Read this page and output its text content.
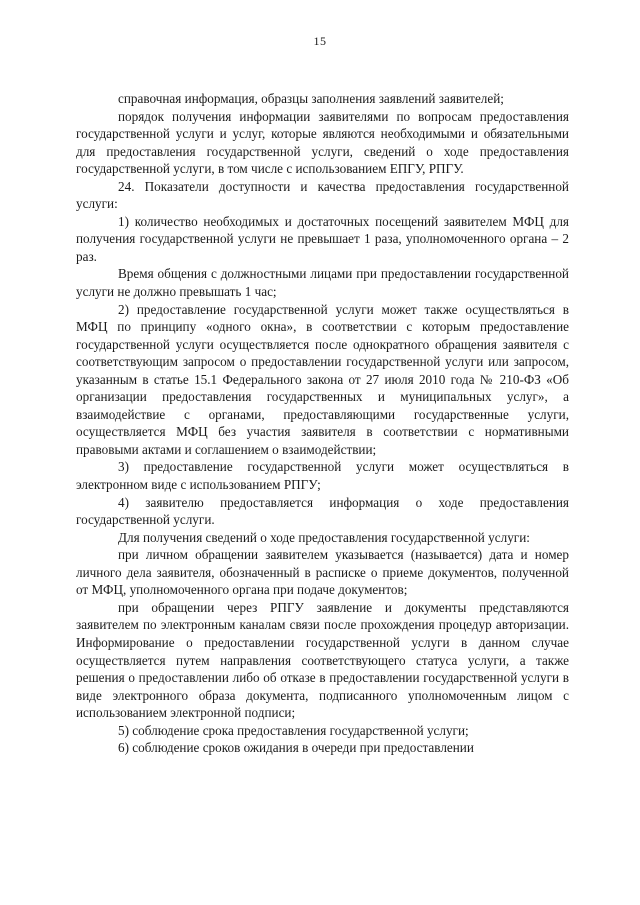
15

справочная информация, образцы заполнения заявлений заявителей;

порядок получения информации заявителями по вопросам предоставления государственной услуги и услуг, которые являются необходимыми и обязательными для предоставления государственной услуги, сведений о ходе предоставления государственной услуги, в том числе с использованием ЕПГУ, РПГУ.

24. Показатели доступности и качества предоставления государственной услуги:

1) количество необходимых и достаточных посещений заявителем МФЦ для получения государственной услуги не превышает 1 раза, уполномоченного органа – 2 раз.

Время общения с должностными лицами при предоставлении государственной услуги не должно превышать 1 час;

2) предоставление государственной услуги может также осуществляться в МФЦ по принципу «одного окна», в соответствии с которым предоставление государственной услуги осуществляется после однократного обращения заявителя с соответствующим запросом о предоставлении государственной услуги или запросом, указанным в статье 15.1 Федерального закона от 27 июля 2010 года № 210-ФЗ «Об организации предоставления государственных и муниципальных услуг», а взаимодействие с органами, предоставляющими государственные услуги, осуществляется МФЦ без участия заявителя в соответствии с нормативными правовыми актами и соглашением о взаимодействии;

3) предоставление государственной услуги может осуществляться в электронном виде с использованием РПГУ;

4) заявителю предоставляется информация о ходе предоставления государственной услуги.

Для получения сведений о ходе предоставления государственной услуги:

при личном обращении заявителем указывается (называется) дата и номер личного дела заявителя, обозначенный в расписке о приеме документов, полученной от МФЦ, уполномоченного органа при подаче документов;

при обращении через РПГУ заявление и документы представляются заявителем по электронным каналам связи после прохождения процедур авторизации. Информирование о предоставлении государственной услуги в данном случае осуществляется путем направления соответствующего статуса услуги, а также решения о предоставлении либо об отказе в предоставлении государственной услуги в виде электронного образа документа, подписанного уполномоченным лицом с использованием электронной подписи;

5) соблюдение срока предоставления государственной услуги;

6) соблюдение сроков ожидания в очереди при предоставлении
